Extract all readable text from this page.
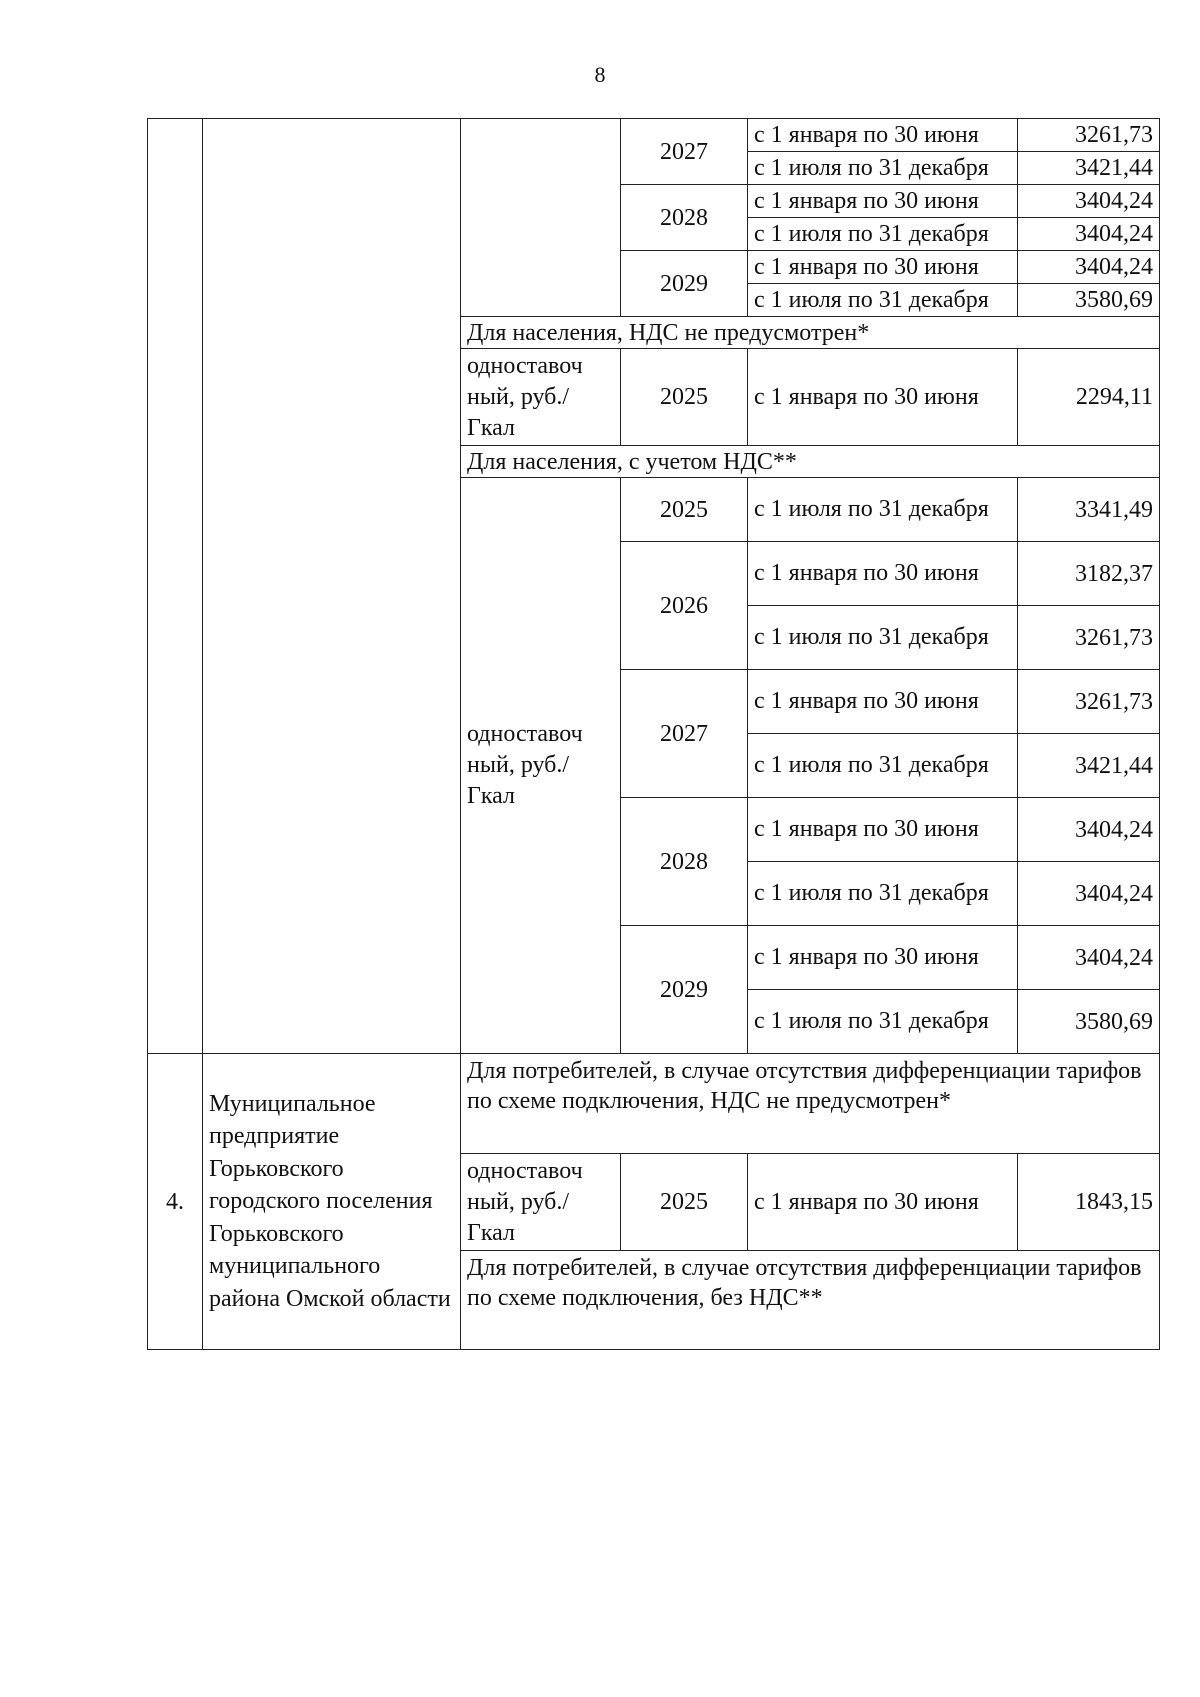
8
			2027	с 1 января по 30 июня	3261,73
				с 1 июля по 31 декабря	3421,44
			2028	с 1 января по 30 июня	3404,24
				с 1 июля по 31 декабря	3404,24
			2029	с 1 января по 30 июня	3404,24
				с 1 июля по 31 декабря	3580,69
		Для населения, НДС не предусмотрен*			
		одноставоч ный, руб./Гкал	2025	с 1 января по 30 июня	2294,11
		Для населения, с учетом НДС**			
		одноставоч ный, руб./Гкал	2025	с 1 июля по 31 декабря	3341,49
			2026	с 1 января по 30 июня	3182,37
				с 1 июля по 31 декабря	3261,73
			2027	с 1 января по 30 июня	3261,73
				с 1 июля по 31 декабря	3421,44
			2028	с 1 января по 30 июня	3404,24
				с 1 июля по 31 декабря	3404,24
			2029	с 1 января по 30 июня	3404,24
				с 1 июля по 31 декабря	3580,69
4.	Муниципальное предприятие Горьковского городского поселения Горьковского муниципального района Омской области	Для потребителей, в случае отсутствия дифференциации тарифов по схеме подключения, НДС не предусмотрен*			
		одноставоч ный, руб./Гкал	2025	с 1 января по 30 июня	1843,15
		Для потребителей, в случае отсутствия дифференциации тарифов по схеме подключения, без НДС**			
